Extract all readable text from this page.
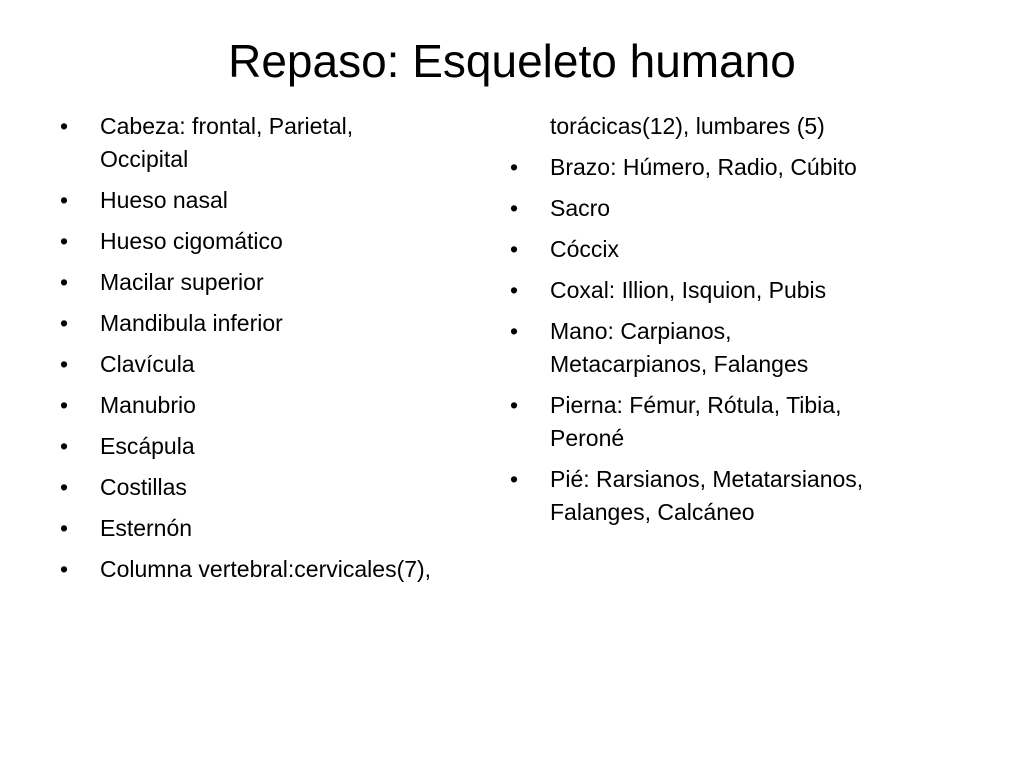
Repaso: Esqueleto humano
•	Cabeza: frontal, Parietal,
Occipital
•	Hueso nasal
•	Hueso cigomático
•	Macilar superior
•	Mandibula inferior
•	Clavícula
•	Manubrio
•	Escápula
•	Costillas
•	Esternón
•	Columna vertebral:cervicales(7),
torácicas(12), lumbares (5)
•	Brazo: Húmero, Radio, Cúbito
•	Sacro
•	Cóccix
•	Coxal: Illion, Isquion, Pubis
•	Mano: Carpianos,
Metacarpianos, Falanges
•	Pierna: Fémur, Rótula, Tibia,
Peroné
•	Pié: Rarsianos, Metatarsianos,
Falanges, Calcáneo
